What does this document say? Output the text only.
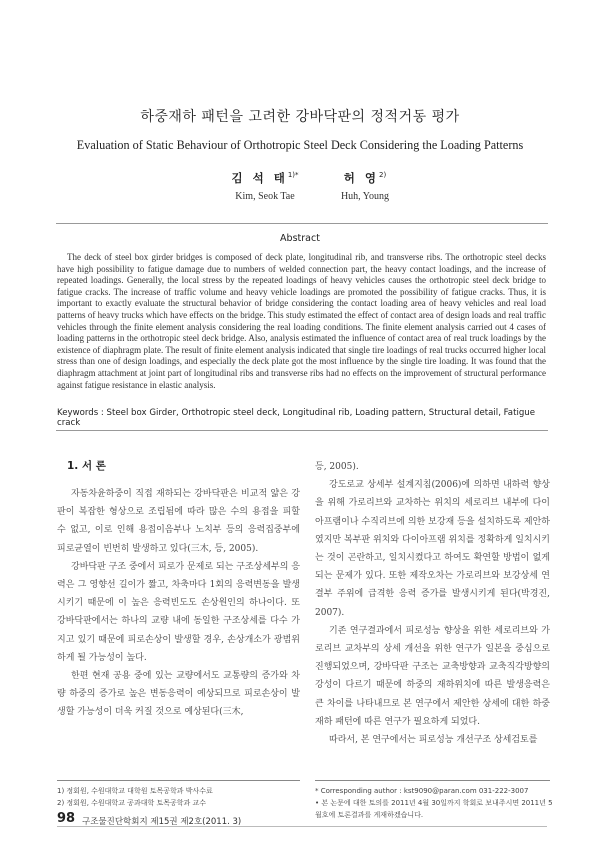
하중재하 패턴을 고려한 강바닥판의 정적거동 평가
Evaluation of Static Behaviour of Orthotropic Steel Deck Considering the Loading Patterns
김 석 태$^{1)*}$
Kim, Seok Tae
허 영$^{2)}$
Huh, Young
Abstract
The deck of steel box girder bridges is composed of deck plate, longitudinal rib, and transverse ribs. The orthotropic steel decks have high possibility to fatigue damage due to numbers of welded connection part, the heavy contact loadings, and the increase of repeated loadings. Generally, the local stress by the repeated loadings of heavy vehicles causes the orthotropic steel deck bridge to fatigue cracks. The increase of traffic volume and heavy vehicle loadings are promoted the possibility of fatigue cracks. Thus, it is important to exactly evaluate the structural behavior of bridge considering the contact loading area of heavy vehicles and real load patterns of heavy trucks which have effects on the bridge. This study estimated the effect of contact area of design loads and real traffic vehicles through the finite element analysis considering the real loading conditions. The finite element analysis carried out 4 cases of loading patterns in the orthotropic steel deck bridge. Also, analysis estimated the influence of contact area of real truck loadings by the existence of diaphragm plate. The result of finite element analysis indicated that single tire loadings of real trucks occurred higher local stress than one of design loadings, and especially the deck plate got the most influence by the single tire loading. It was found that the diaphragm attachment at joint part of longitudinal ribs and transverse ribs had no effects on the improvement of structural performance against fatigue resistance in elastic analysis.
Keywords : Steel box Girder, Orthotropic steel deck, Longitudinal rib, Loading pattern, Structural detail, Fatigue crack
1. 서 론

자동차윤하중이 직접 재하되는 강바닥판은 비교적 얇은 강판이 복잡한 형상으로 조립됨에 따라 많은 수의 용접을 피할 수 없고, 이로 인해 용접이음부나 노치부 등의 응력집중부에 피로균열이 빈번히 발생하고 있다(三木, 등, 2005).

강바닥판 구조 중에서 피로가 문제로 되는 구조상세부의 응력은 그 영향선 길이가 짧고, 차축마다 1회의 응력변동을 발생시키기 때문에 이 높은 응력빈도도 손상원인의 하나이다. 또 강바닥판에서는 하나의 교량 내에 동일한 구조상세를 다수 가지고 있기 때문에 피로손상이 발생할 경우, 손상개소가 광범위하게 될 가능성이 높다.

한편 현재 공용 중에 있는 교량에서도 교통량의 증가와 차량 하중의 증가로 높은 변동응력이 예상되므로 피로손상이 발생할 가능성이 더욱 커질 것으로 예상된다(三木,

등, 2005).

강도로교 상세부 설계지침(2006)에 의하면 내하력 향상을 위해 가로리브와 교차하는 위치의 세로리브 내부에 다이아프램이나 수직리브에 의한 보강재 등을 설치하도록 제안하였지만 복부판 위치와 다이아프램 위치를 정확하게 일치시키는 것이 곤란하고, 일치시켰다고 하여도 확연할 방법이 없게 되는 문제가 있다. 또한 제작오차는 가로리브와 보강상세 연결부 주위에 급격한 응력 증가를 발생시키게 된다(박경진, 2007).

기존 연구결과에서 피로성능 향상을 위한 세로리브와 가로리브 교차부의 상세 개선을 위한 연구가 일본을 중심으로진행되었으며, 강바닥판 구조는 교축방향과 교축직각방향의 강성이 다르기 때문에 하중의 재하위치에 따른 발생응력은 큰 차이를 나타내므로 본 연구에서 제안한 상세에 대한 하중재하 패턴에 따른 연구가 필요하게 되었다.

따라서, 본 연구에서는 피로성능 개선구조 상세검토를

1) 정회원, 수원대학교 대학원 토목공학과 박사수료
2) 정회원, 수원대학교 공과대학 토목공학과 교수
* Corresponding author : kst9090@paran.com 031-222-3007
• 본 논문에 대한 토의를 2011년 4월 30일까지 학회로 보내주시면 2011년 5월호에 토론결과를 게재하겠습니다.
98 구조물진단학회지 제15권 제2호(2011. 3)
